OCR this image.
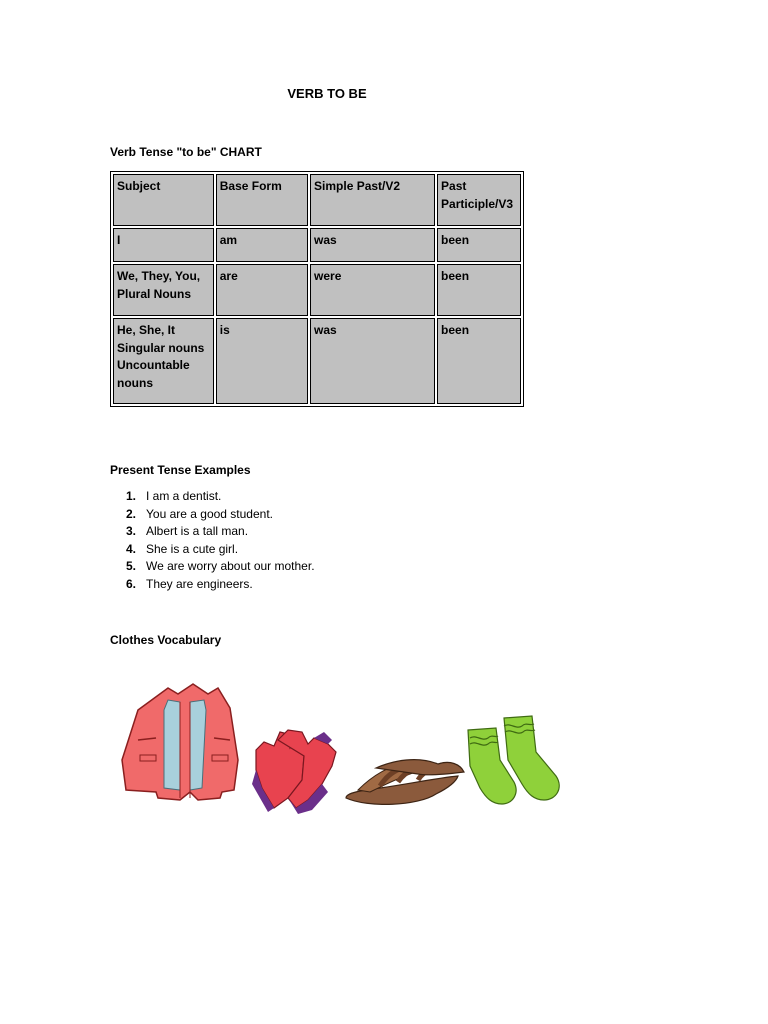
VERB TO BE
Verb Tense "to be" CHART
Subject	Base Form	Simple Past/V2	Past Participle/V3
I	am	was	been
We, They, You, Plural Nouns	are	were	been
He, She, It Singular nouns Uncountable nouns	is	was	been
Present Tense Examples
1. I am a dentist.
2. You are a good student.
3. Albert is a tall man.
4. She is a cute girl.
5. We are worry about our mother.
6. They are engineers.
Clothes Vocabulary
